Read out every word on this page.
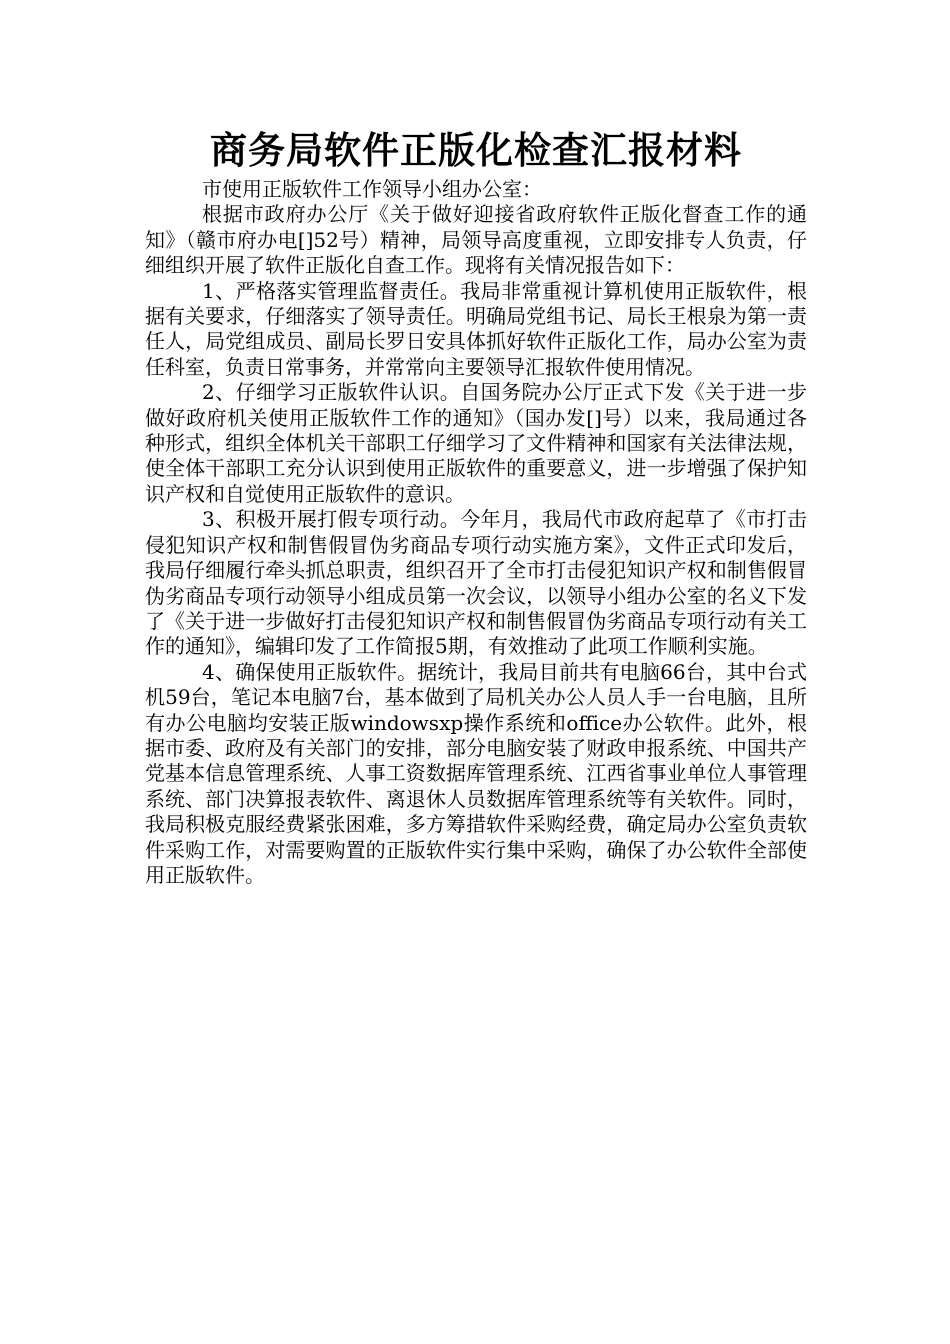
商务局软件正版化检查汇报材料

市使用正版软件工作领导小组办公室：

根据市政府办公厅《关于做好迎接省政府软件正版化督查工作的通知》（赣市府办电[]52号）精神，局领导高度重视，立即安排专人负责，仔细组织开展了软件正版化自查工作。现将有关情况报告如下：

1、严格落实管理监督责任。我局非常重视计算机使用正版软件，根据有关要求，仔细落实了领导责任。明确局党组书记、局长王根泉为第一责任人，局党组成员、副局长罗日安具体抓好软件正版化工作，局办公室为责任科室，负责日常事务，并常常向主要领导汇报软件使用情况。

2、仔细学习正版软件认识。自国务院办公厅正式下发《关于进一步做好政府机关使用正版软件工作的通知》（国办发[]号）以来，我局通过各种形式，组织全体机关干部职工仔细学习了文件精神和国家有关法律法规，使全体干部职工充分认识到使用正版软件的重要意义，进一步增强了保护知识产权和自觉使用正版软件的意识。

3、积极开展打假专项行动。今年月，我局代市政府起草了《市打击侵犯知识产权和制售假冒伪劣商品专项行动实施方案》，文件正式印发后，我局仔细履行牵头抓总职责，组织召开了全市打击侵犯知识产权和制售假冒伪劣商品专项行动领导小组成员第一次会议，以领导小组办公室的名义下发了《关于进一步做好打击侵犯知识产权和制售假冒伪劣商品专项行动有关工作的通知》，编辑印发了工作简报5期，有效推动了此项工作顺利实施。

4、确保使用正版软件。据统计，我局目前共有电脑66台，其中台式机59台，笔记本电脑7台，基本做到了局机关办公人员人手一台电脑，且所有办公电脑均安装正版windowsxp操作系统和office办公软件。此外，根据市委、政府及有关部门的安排，部分电脑安装了财政申报系统、中国共产党基本信息管理系统、人事工资数据库管理系统、江西省事业单位人事管理系统、部门决算报表软件、离退休人员数据库管理系统等有关软件。同时，我局积极克服经费紧张困难，多方筹措软件采购经费，确定局办公室负责软件采购工作，对需要购置的正版软件实行集中采购，确保了办公软件全部使用正版软件。
